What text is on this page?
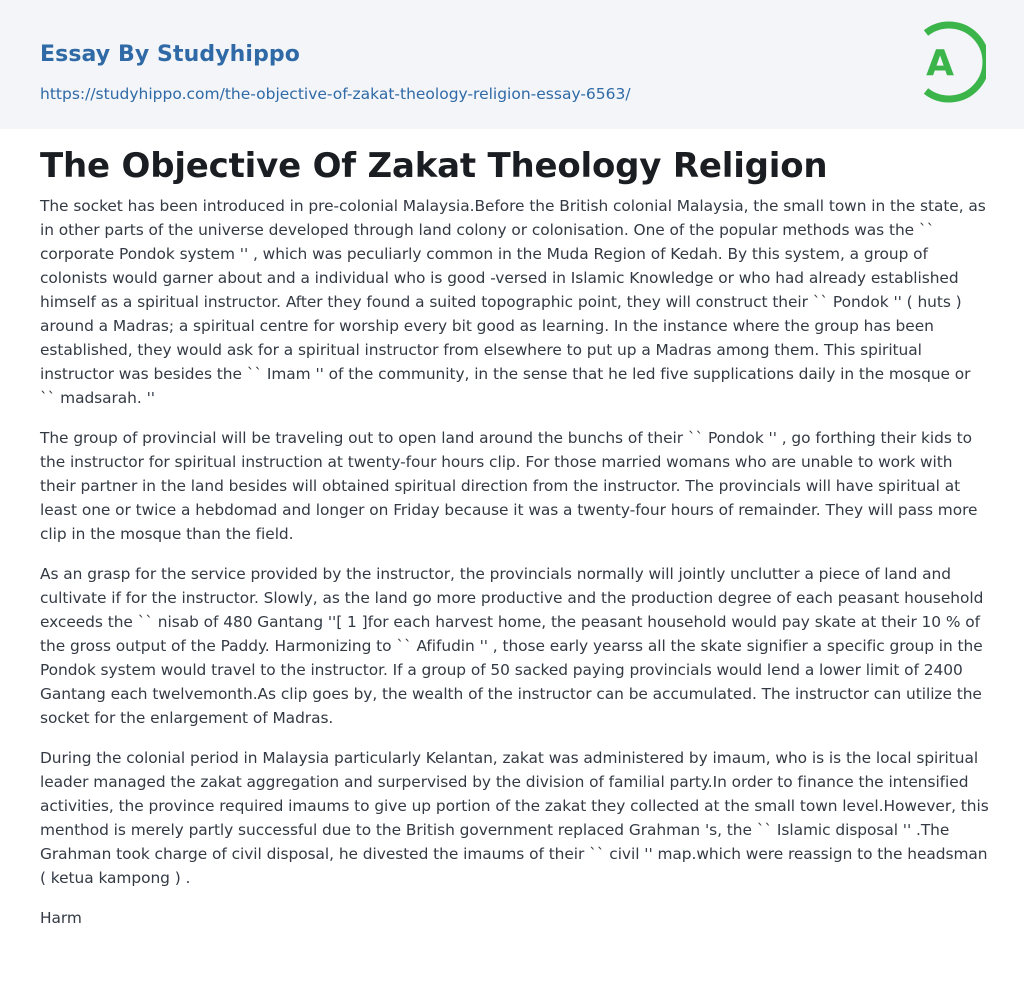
Essay By Studyhippo
https://studyhippo.com/the-objective-of-zakat-theology-religion-essay-6563/
A
The Objective Of Zakat Theology Religion

The socket has been introduced in pre-colonial Malaysia.Before the British colonial Malaysia, the small town in the state, as in other parts of the universe developed through land colony or colonisation. One of the popular methods was the `` corporate Pondok system '' , which was peculiarly common in the Muda Region of Kedah. By this system, a group of colonists would garner about and a individual who is good -versed in Islamic Knowledge or who had already established himself as a spiritual instructor. After they found a suited topographic point, they will construct their `` Pondok '' ( huts ) around a Madras; a spiritual centre for worship every bit good as learning. In the instance where the group has been established, they would ask for a spiritual instructor from elsewhere to put up a Madras among them. This spiritual instructor was besides the `` Imam '' of the community, in the sense that he led five supplications daily in the mosque or `` madsarah. ''

The group of provincial will be traveling out to open land around the bunchs of their `` Pondok '' , go forthing their kids to the instructor for spiritual instruction at twenty-four hours clip. For those married womans who are unable to work with their partner in the land besides will obtained spiritual direction from the instructor. The provincials will have spiritual at least one or twice a hebdomad and longer on Friday because it was a twenty-four hours of remainder. They will pass more clip in the mosque than the field.

As an grasp for the service provided by the instructor, the provincials normally will jointly unclutter a piece of land and cultivate if for the instructor. Slowly, as the land go more productive and the production degree of each peasant household exceeds the `` nisab of 480 Gantang ''[ 1 ]for each harvest home, the peasant household would pay skate at their 10 % of the gross output of the Paddy. Harmonizing to `` Afifudin '' , those early yearss all the skate signifier a specific group in the Pondok system would travel to the instructor. If a group of 50 sacked paying provincials would lend a lower limit of 2400 Gantang each twelvemonth.As clip goes by, the wealth of the instructor can be accumulated. The instructor can utilize the socket for the enlargement of Madras.

During the colonial period in Malaysia particularly Kelantan, zakat was administered by imaum, who is is the local spiritual leader managed the zakat aggregation and surpervised by the division of familial party.In order to finance the intensified activities, the province required imaums to give up portion of the zakat they collected at the small town level.However, this menthod is merely partly successful due to the British government replaced Grahman 's, the `` Islamic disposal '' .The Grahman took charge of civil disposal, he divested the imaums of their `` civil '' map.which were reassign to the headsman ( ketua kampong ) .

Harm
